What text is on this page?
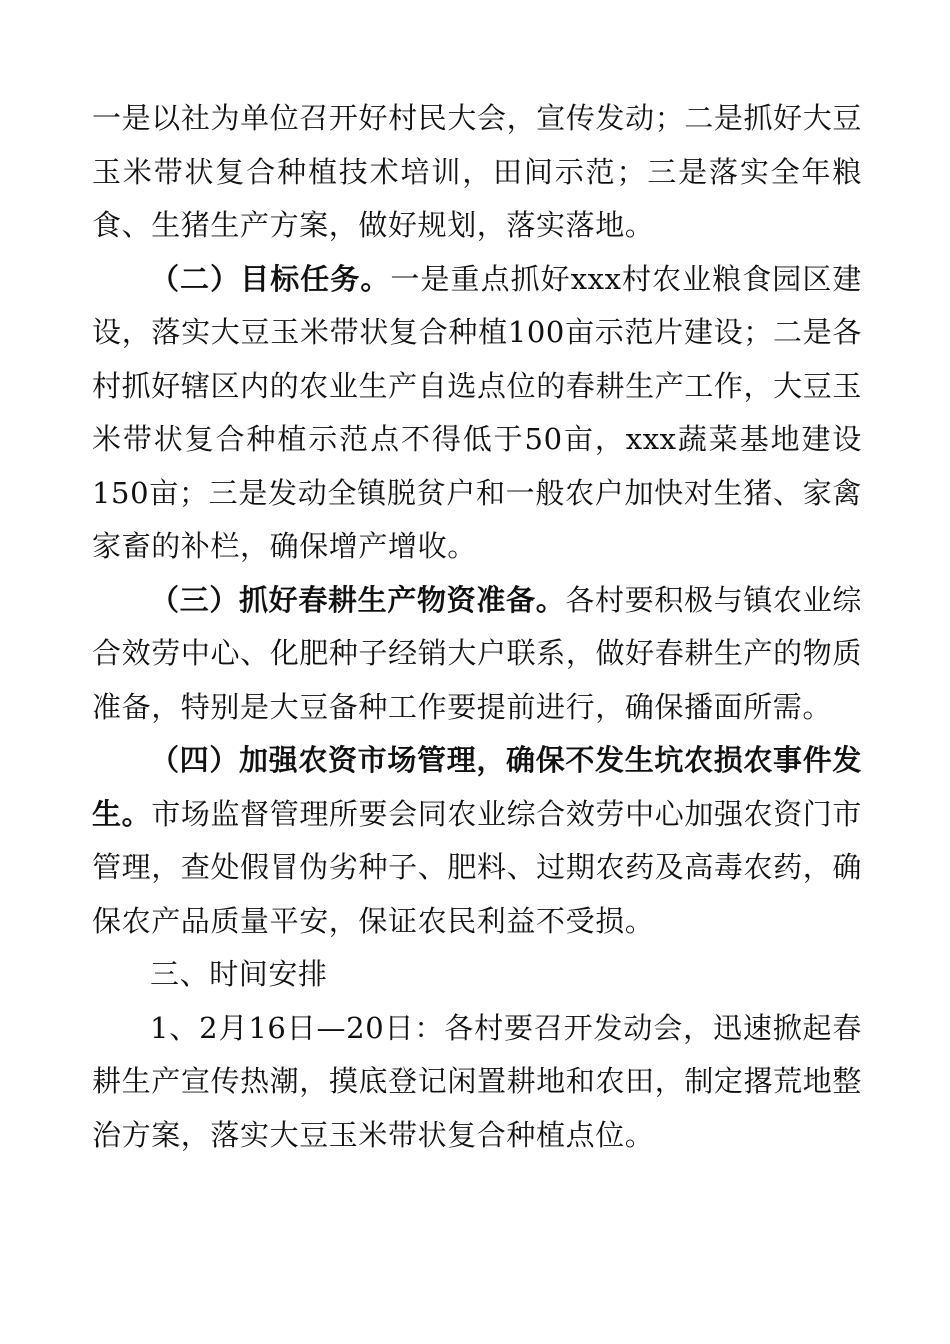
一是以社为单位召开好村民大会，宣传发动；二是抓好大豆玉米带状复合种植技术培训，田间示范；三是落实全年粮食、生猪生产方案，做好规划，落实落地。

（二）目标任务。一是重点抓好xxx村农业粮食园区建设，落实大豆玉米带状复合种植100亩示范片建设；二是各村抓好辖区内的农业生产自选点位的春耕生产工作，大豆玉米带状复合种植示范点不得低于50亩，xxx蔬菜基地建设150亩；三是发动全镇脱贫户和一般农户加快对生猪、家禽家畜的补栏，确保增产增收。

（三）抓好春耕生产物资准备。各村要积极与镇农业综合效劳中心、化肥种子经销大户联系，做好春耕生产的物质准备，特别是大豆备种工作要提前进行，确保播面所需。

（四）加强农资市场管理，确保不发生坑农损农事件发生。市场监督管理所要会同农业综合效劳中心加强农资门市管理，查处假冒伪劣种子、肥料、过期农药及高毒农药，确保农产品质量平安，保证农民利益不受损。

三、时间安排

1、2月16日—20日：各村要召开发动会，迅速掀起春耕生产宣传热潮，摸底登记闲置耕地和农田，制定撂荒地整治方案，落实大豆玉米带状复合种植点位。
